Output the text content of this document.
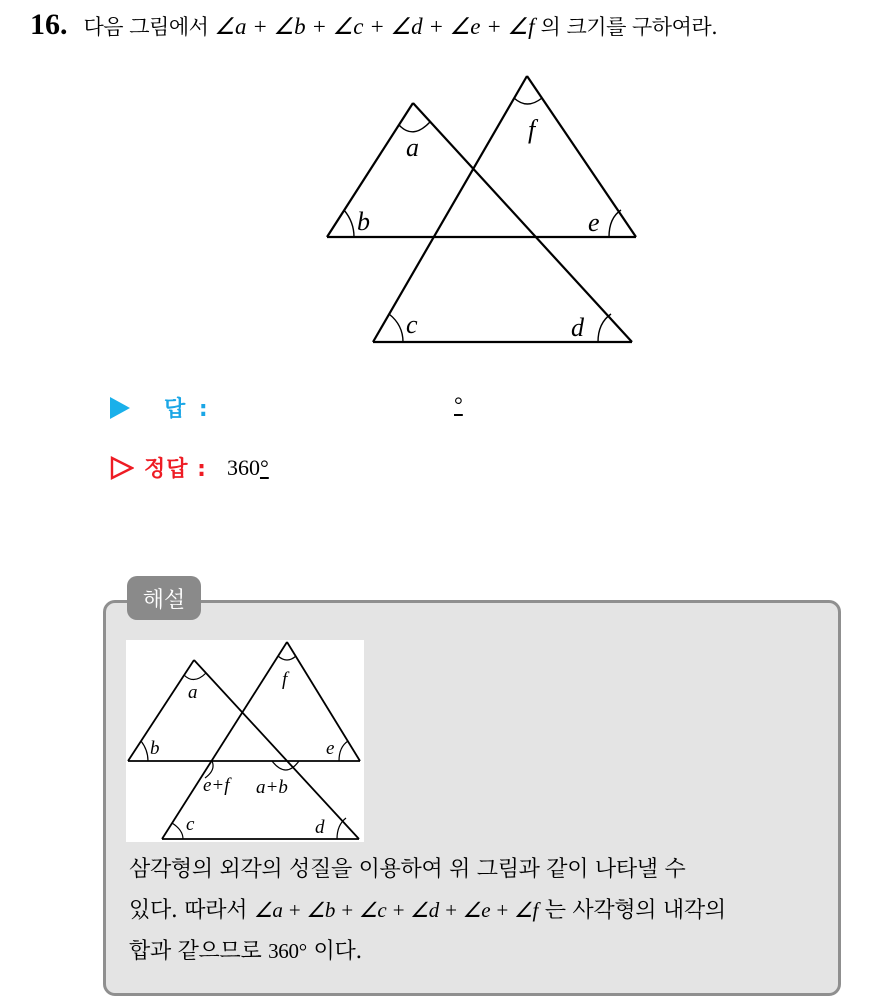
16. 다음 그림에서 ∠a + ∠b + ∠c + ∠d + ∠e + ∠f 의 크기를 구하여라.
a
b
c	d
e
f
답 :	°
정답 : 360°
해설
a
b
c	d
e
f
e+f a+b
삼각형의 외각의 성질을 이용하여 위 그림과 같이 나타낼 수
있다. 따라서 ∠a + ∠b + ∠c + ∠d + ∠e + ∠f 는 사각형의 내각의
합과 같으므로 360° 이다.
